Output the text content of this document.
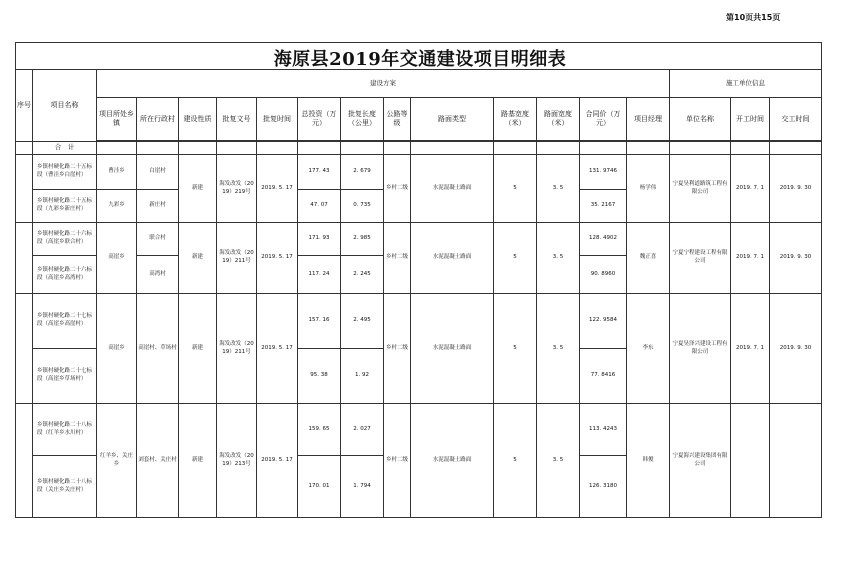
第10页共15页

序号	项目名称	建设方案													施工单位信息		
		项目所处乡镇	所在行政村	建设性质	批复文号	批复时间	总投资（万元）	批复长度（公里）	公路等级	路面类型	路基宽度（米）	路面宽度（米）	合同价（万元）	项目经理	单位名称	开工时间	交工时间

	合　计																
	乡镇村硬化路二十五标段（曹洼乡白崖村）	曹洼乡	白崖村	新建	海发改发（2019）219号	2019. 5. 17	177. 43	2. 679	乡村二级	水泥混凝土路面	5	3. 5	131. 9746	杨学伟	宁夏昊利道路筑工程有限公司	2019. 7. 1	2019. 9. 30
	乡镇村硬化路二十五标段（九彩乡新庄村）	九彩乡	新庄村				47. 07	0. 735					35. 2167				
	乡镇村硬化路二十六标段（高崖乡联合村）	高崖乡	联合村	新建	海发改发（2019）211号	2019. 5. 17	171. 93	2. 985	乡村二级	水泥混凝土路面	5	3. 5	128. 4902	魏正喜	宁夏宁程建设工程有限公司	2019. 7. 1	2019. 9. 30
	乡镇村硬化路二十六标段（高崖乡高湾村）		高湾村				117. 24	2. 245					90. 8960				
	乡镇村硬化路二十七标段（高崖乡高崖村）	高崖乡	高崖村、草场村	新建	海发改发（2019）211号	2019. 5. 17	157. 16	2. 495	乡村二级	水泥混凝土路面	5	3. 5	122. 9584	李东	宁夏昊泽兴建设工程有限公司	2019. 7. 1	2019. 9. 30
	乡镇村硬化路二十七标段（高崖乡草场村）						95. 38	1. 92					77. 8416				
	乡镇村硬化路二十八标段（红羊乡水川村）	红羊乡、关庄乡	刘套村、关庄村	新建	海发改发（2019）213号	2019. 5. 17	159. 65	2. 027	乡村二级	水泥混凝土路面	5	3. 5	113. 4243	韩俊	宁夏海兴建设集团有限公司		
	乡镇村硬化路二十八标段（关庄乡关庄村）						170. 01	1. 794					126. 3180				
海原县2019年交通建设项目明细表
